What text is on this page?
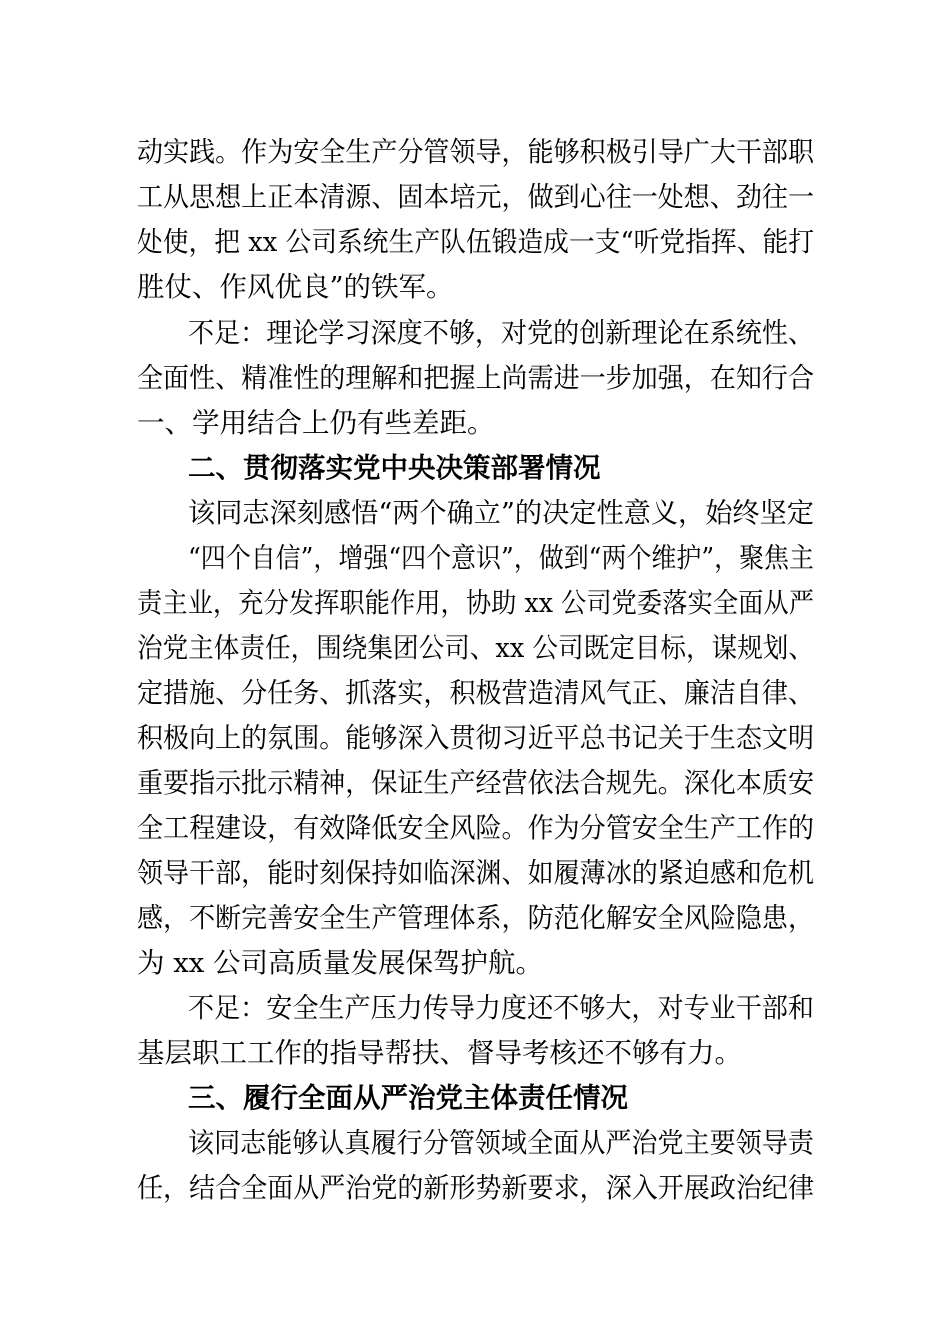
动实践。作为安全生产分管领导，能够积极引导广大干部职

工从思想上正本清源、固本培元，做到心往一处想、劲往一

处使，把 xx 公司系统生产队伍锻造成一支“听党指挥、能打

胜仗、作风优良”的铁军。

不足：理论学习深度不够，对党的创新理论在系统性、

全面性、精准性的理解和把握上尚需进一步加强，在知行合

一、学用结合上仍有些差距。

二、贯彻落实党中央决策部署情况

该同志深刻感悟“两个确立”的决定性意义，始终坚定

“四个自信”，增强“四个意识”，做到“两个维护”，聚焦主

责主业，充分发挥职能作用，协助 xx 公司党委落实全面从严

治党主体责任，围绕集团公司、xx 公司既定目标，谋规划、

定措施、分任务、抓落实，积极营造清风气正、廉洁自律、

积极向上的氛围。能够深入贯彻习近平总书记关于生态文明

重要指示批示精神，保证生产经营依法合规先。深化本质安

全工程建设，有效降低安全风险。作为分管安全生产工作的

领导干部，能时刻保持如临深渊、如履薄冰的紧迫感和危机

感，不断完善安全生产管理体系，防范化解安全风险隐患，

为 xx 公司高质量发展保驾护航。

不足：安全生产压力传导力度还不够大，对专业干部和

基层职工工作的指导帮扶、督导考核还不够有力。

三、履行全面从严治党主体责任情况

该同志能够认真履行分管领域全面从严治党主要领导责

任，结合全面从严治党的新形势新要求，深入开展政治纪律
